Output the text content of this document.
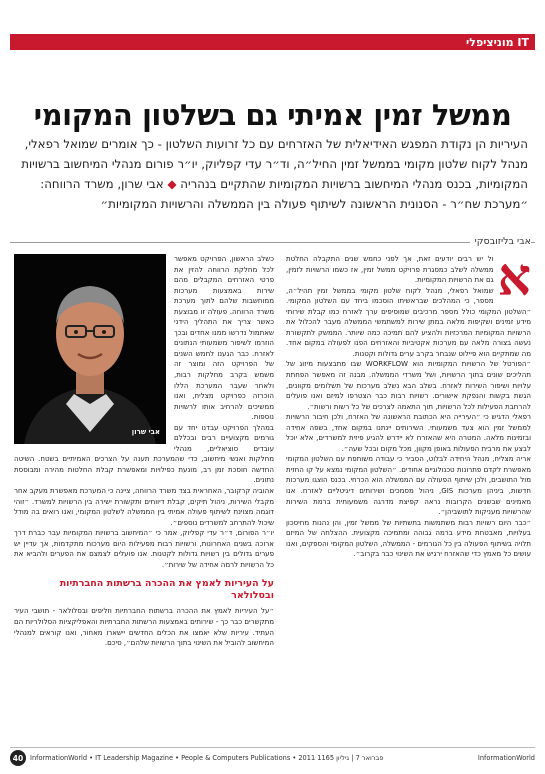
IT מוניציפלי
ממשל זמין אמיתי גם בשלטון המקומי
העיריות הן נקודת המפגש האידיאלית של האזרחים עם כל זרועות השלטון - כך אומרים שמואל רפאלי, מנהל לקוח שלטון מקומי בממשל זמין החיל״ה, וד״ר עדי קפליוק, יו״ר פורום מנהלי המיחשוב ברשויות המקומיות, בכנס מנהלי המיחשוב ברשויות המקומיות שהתקיים בנהריה ◆ אבי שרון, משרד הרווחה: ״מערכת שח״ר - הסנונית הראשונה לשיתוף פעולה בין הממשלה והרשויות המקומיות״
אבי בליזובסקי
א

ול יש רבים יודעים זאת, אך לפני כחמש שנים התקבלה החלטת ממשלה לשלב כמסגרת פרויקט ממשל זמין, אז כשמו הרשויות לזמין, גם את הרשויות המקומיות.

שמואל רפאלי, מנהל לקוח שלטון מקומי בממשל זמין תהיל״ה, מספר, כי המהלכים שבראשיתו הוסכמו ביחד עם השלטון המקומי. ״השלטון המקומי כולל מספר מרכיבים שמוסיפים ערך לאזרח כמו קבלת שירותי מידע זמינים ושקיפות מלאה במתן שירות למשתמשי הממשלה מעבר להכלול את הרשויות המקומיות המרכזיות ולהציע להם תמיכה כמה שיותר. הממשק לתקשורת נעשה בצורה מלאה עם מערכות אקטיביות והאזרחים הפנו לפעולה במקום אחד. מה שמתקיים הוא פיילוט שנבחר בקרב ערים גדולות וקטנות.

״הפורטל של הרשויות המקומיות הוא WORKFLOW שבו מתבצעות מיזוג של תהליכים שונים בתוך הרשויות, ושל משרדי הממשלה. מבנה זה מאפשר הפחתת עלויות ושיפור השירות לאזרח. בשלב הבא נשלב מערכות של תשלומים מקוונים, הגשת בקשות והנפקת אישורים. רשויות רבות כבר הצטרפו למיזם ואנו פועלים להרחבת הפעילות לכל הרשויות, תוך התאמה לצרכים של כל רשות ורשות״.

רפאלי הדגיש כי ״העירייה היא הכתובת הראשונה של האזרח, ולכן חיבור הרשויות לממשל זמין הוא צעד משמעותי. השירותים יינתנו במקום אחד, בשפה אחידה ובזמינות מלאה. המטרה היא שהאזרח לא יידרש להגיע פיזית למשרדים, אלא יוכל לבצע את מרבית הפעולות באופן מקוון, מכל מקום ובכל שעה״.

אריה מצליח, מנהל היחידה לבלוט, הסביר כי עבודה משותפת עם השלטון המקומי מאפשרת לקדם פתרונות טכנולוגיים אחודים. ״השלטון המקומי נמצא על קו החזית מול התושבים, ולכן שיתוף הפעולה עם הממשלה הוא הכרחי. בכנס הוצגו מערכות חדשות, ביניהן מערכות GIS, ניהול מסמכים ושירותים דיגיטליים לאזרח. אנו מאמינים שבשנים הקרובות נראה קפיצת מדרגה משמעותית ברמת השירות שהרשויות מעניקות לתושביהן״.

״כבר היום רשויות רבות משתמשות בתשתיות של ממשל זמין, והן נהנות מחיסכון בעלויות, מאבטחת מידע ברמה גבוהה ומתמיכה מקצועית. ההצלחה של המיזם תלויה בשיתוף הפעולה בין כל הגורמים - הממשלה, השלטון המקומי והספקים, ואנו עושים כל מאמץ כדי שהאזרח ירגיש את השינוי כבר בקרוב״.

אבי שרון

כשלב הראשון, הפרויקט מאפשר לכל מחלקת הרווחה להזין את פרטי האזרחים המקבלים מהם שירות באמצעות מערכות ממוחשבות שלהם לתוך מערכת משרד הרווחה. פעולה זו מבוצעת כאשר צריך את התהליך הידני שאתמול נדרשו ממנו אחדים ובכך הוזרמו לשיפור משמעותי הנתונים לאזרח. כבר הגענו לחמש השנים של הפרויקט הזה ומוצר זה משמש בקרב מחלקות רבות, ולאחר שעבר המערכת הללו הוכרזה כפרויקט מצליח, ואנו ממשיכים להרחיב אותו לרשויות נוספות.

במהלך הפרויקט עבדנו יחד עם גורמים מקצועיים רבים ובכללם עובדים סוציאליים, מנהלי מחלקות ואנשי מיחשוב, כדי שהמערכת תענה על הצרכים האמיתיים בשטח. השיטה החדשה חוסכת זמן רב, מונעת כפילויות ומאפשרת קבלת החלטות מהירה ומבוססת נתונים.

אהוביה קרקובר, האחראית בצד משרד הרווחה, ציינה כי המערכת מאפשרת מעקב אחר מקבלי השירות, ניהול תיקים, קבלת דיווחים ותקשורת ישירה בין הרשויות למשרד. ״זוהי דוגמה מצוינת לשיתוף פעולה אמיתי בין הממשלה לשלטון המקומי, ואנו רואים בה מודל שיכול להתרחב למשרדים נוספים״.

יו״ר הפורום, ד״ר עדי קפליוק, אמר כי ״המיחשוב ברשויות המקומיות עבר כברת דרך ארוכה בשנים האחרונות, ורשויות רבות מפעילות היום מערכות מתקדמות, אך עדיין יש פערים גדולים בין רשויות גדולות לקטנות. אנו פועלים לצמצם את הפערים ולהביא את כל הרשויות לרמה אחידה של שירות״.

על העיריות לאמץ את ההכרה ברשתות החברתיות ובסלולאר

״על העיריות לאמץ את ההכרה ברשתות החברתיות וזליפים ובסלולאר - תושבי העיר מתקשרים כבר כך - שירותים באמצעות הרשתות החברתיות והאפליקציות הסלולריות הם העתיד. עיריות שלא יאמצו את הכלים החדשים יישארו מאחור, ואנו קוראים למנהלי המיחשוב להוביל את השינוי בתוך הרשויות שלהם״, סיכם.

40	InformationWorld • IT Leadership Magazine • People & Computers Publications • 2011 פברואר 7 | גיליון 1165	InformationWorld
